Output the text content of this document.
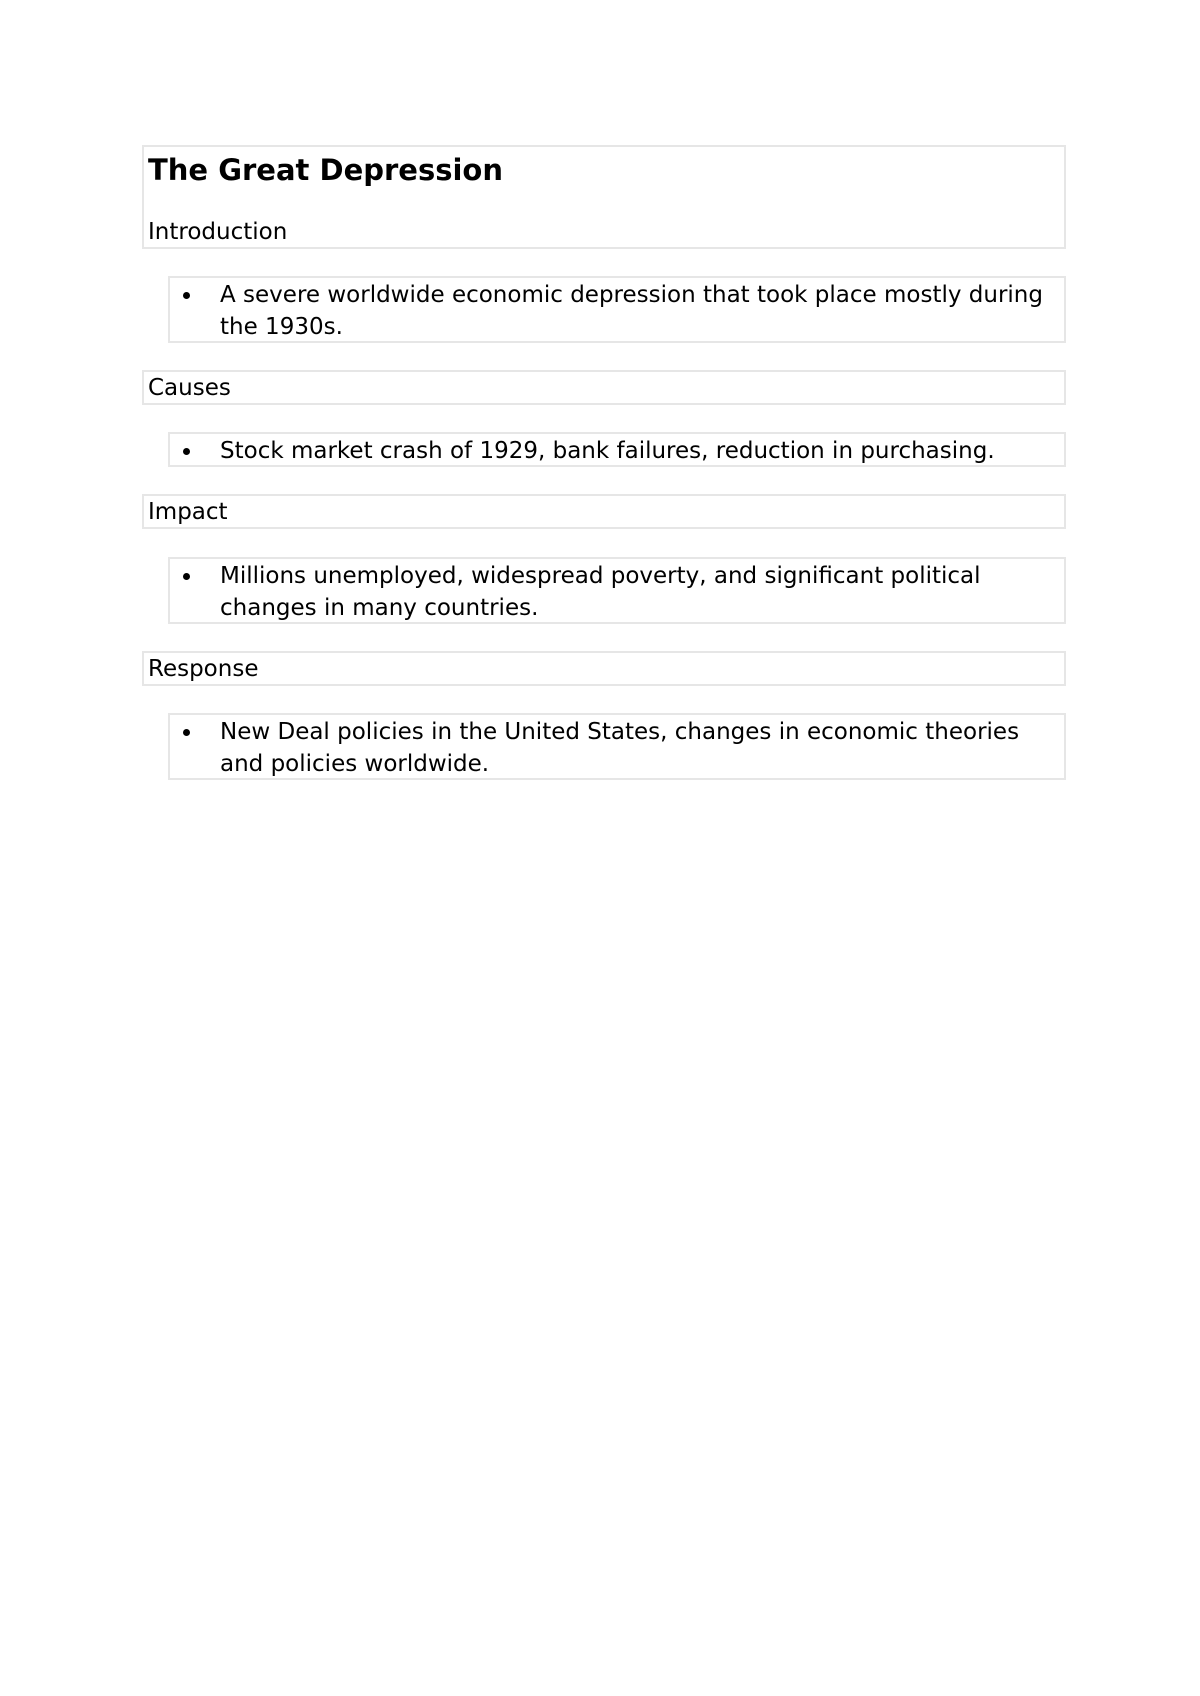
The Great Depression

Introduction

A severe worldwide economic depression that took place mostly during the 1930s.

Causes

Stock market crash of 1929, bank failures, reduction in purchasing.

Impact

Millions unemployed, widespread poverty, and significant political changes in many countries.

Response

New Deal policies in the United States, changes in economic theories and policies worldwide.
